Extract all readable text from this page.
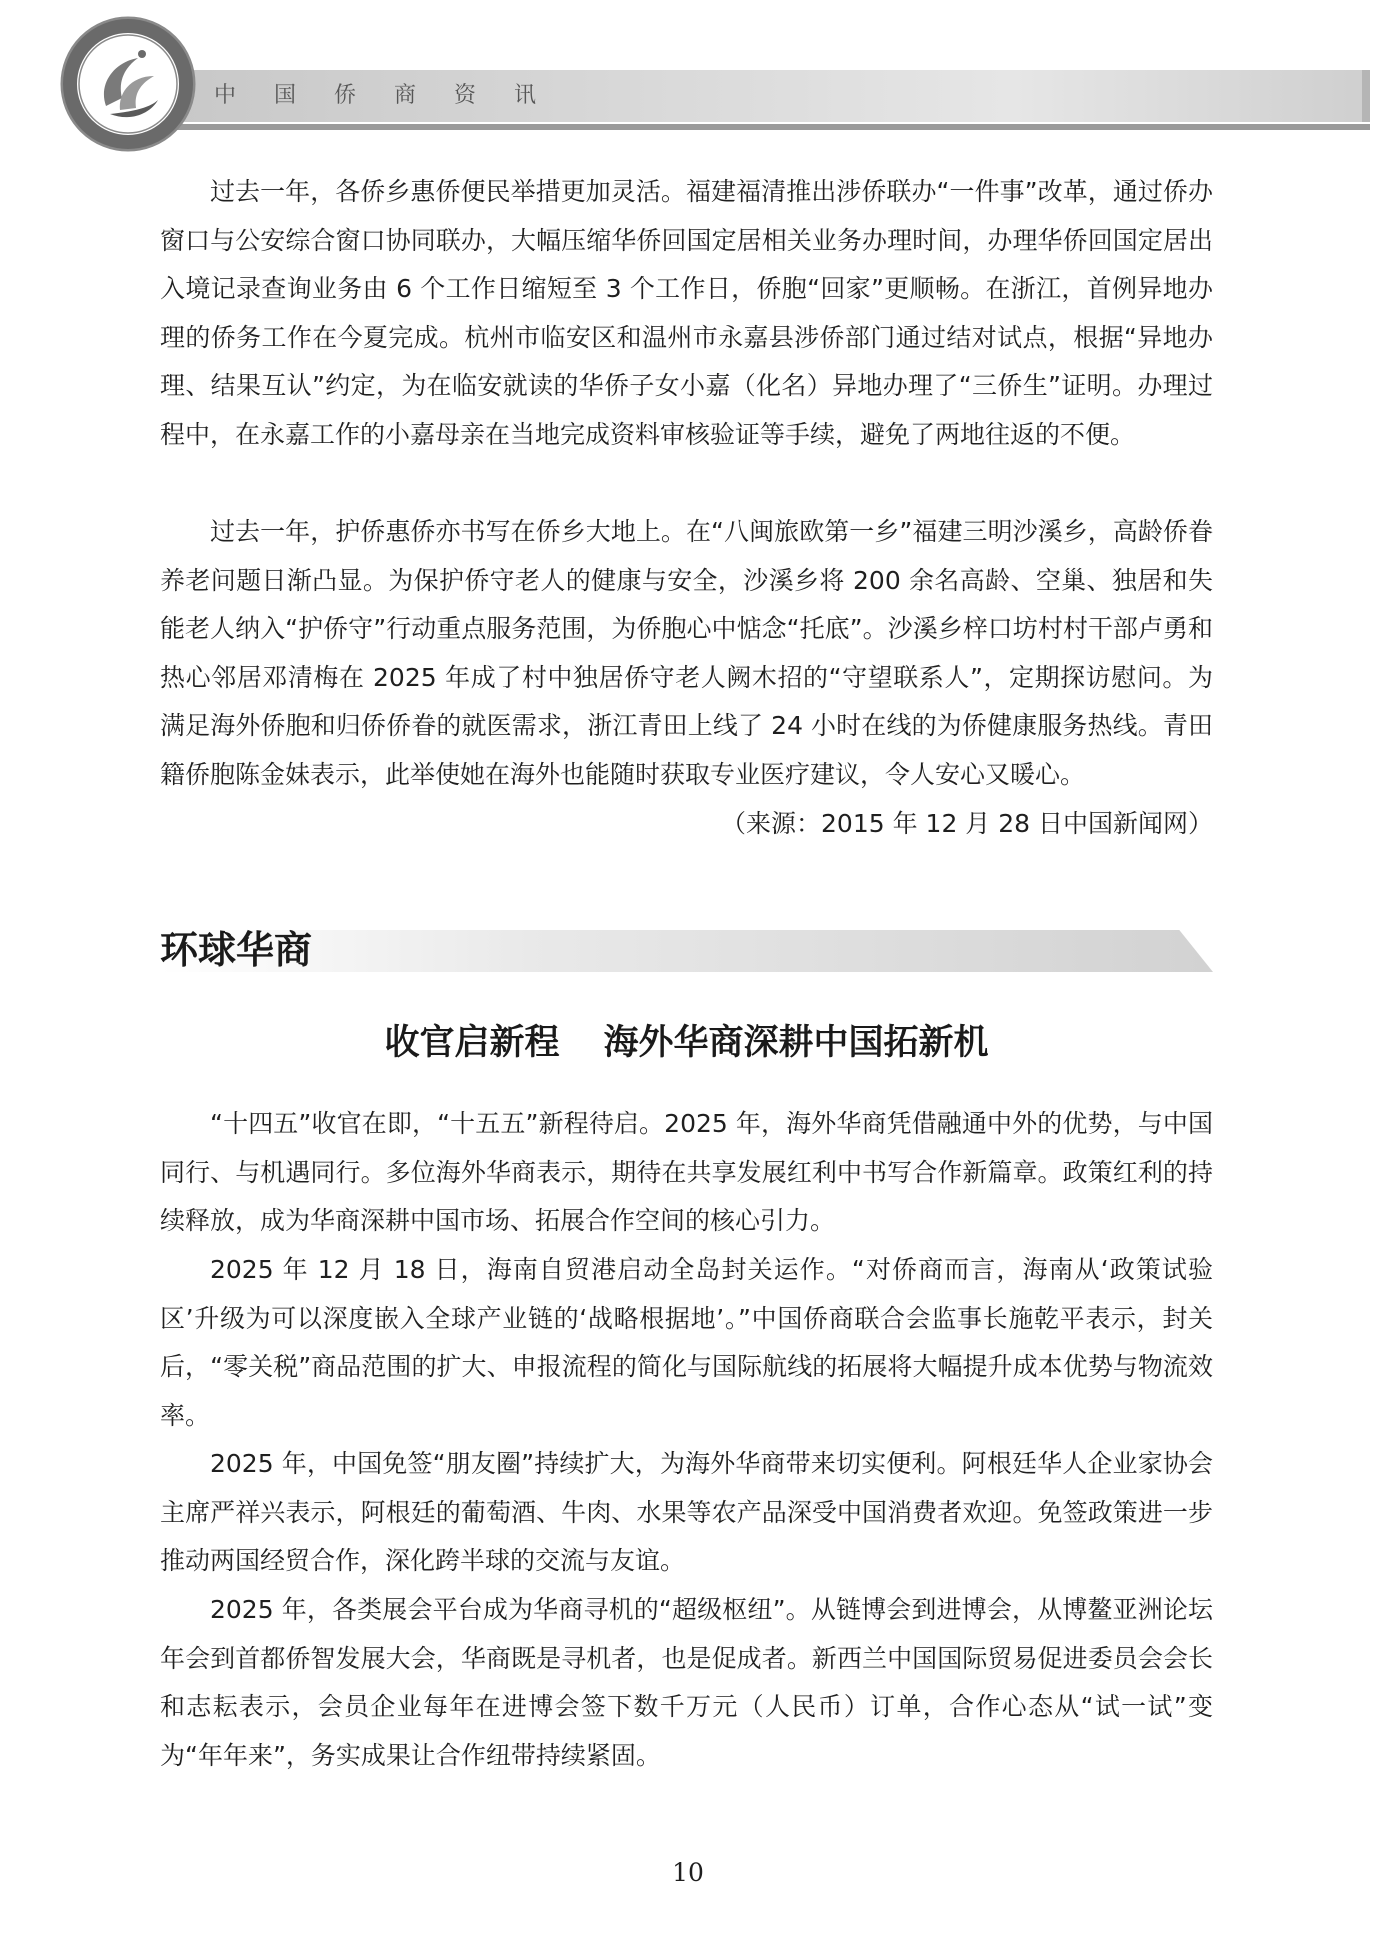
中国侨商资讯

过去一年，各侨乡惠侨便民举措更加灵活。福建福清推出涉侨联办“一件事”改革，通过侨办窗口与公安综合窗口协同联办，大幅压缩华侨回国定居相关业务办理时间，办理华侨回国定居出入境记录查询业务由 6 个工作日缩短至 3 个工作日，侨胞“回家”更顺畅。在浙江，首例异地办理的侨务工作在今夏完成。杭州市临安区和温州市永嘉县涉侨部门通过结对试点，根据“异地办理、结果互认”约定，为在临安就读的华侨子女小嘉（化名）异地办理了“三侨生”证明。办理过程中，在永嘉工作的小嘉母亲在当地完成资料审核验证等手续，避免了两地往返的不便。

过去一年，护侨惠侨亦书写在侨乡大地上。在“八闽旅欧第一乡”福建三明沙溪乡，高龄侨眷养老问题日渐凸显。为保护侨守老人的健康与安全，沙溪乡将 200 余名高龄、空巢、独居和失能老人纳入“护侨守”行动重点服务范围，为侨胞心中惦念“托底”。沙溪乡梓口坊村村干部卢勇和热心邻居邓清梅在 2025 年成了村中独居侨守老人阙木招的“守望联系人”，定期探访慰问。为满足海外侨胞和归侨侨眷的就医需求，浙江青田上线了 24 小时在线的为侨健康服务热线。青田籍侨胞陈金妹表示，此举使她在海外也能随时获取专业医疗建议，令人安心又暖心。

（来源：2015 年 12 月 28 日中国新闻网）

环球华商
收官启新程 海外华商深耕中国拓新机

“十四五”收官在即，“十五五”新程待启。2025 年，海外华商凭借融通中外的优势，与中国同行、与机遇同行。多位海外华商表示，期待在共享发展红利中书写合作新篇章。政策红利的持续释放，成为华商深耕中国市场、拓展合作空间的核心引力。

2025 年 12 月 18 日，海南自贸港启动全岛封关运作。“对侨商而言，海南从‘政策试验区’升级为可以深度嵌入全球产业链的‘战略根据地’。”中国侨商联合会监事长施乾平表示，封关后，“零关税”商品范围的扩大、申报流程的简化与国际航线的拓展将大幅提升成本优势与物流效率。

2025 年，中国免签“朋友圈”持续扩大，为海外华商带来切实便利。阿根廷华人企业家协会主席严祥兴表示，阿根廷的葡萄酒、牛肉、水果等农产品深受中国消费者欢迎。免签政策进一步推动两国经贸合作，深化跨半球的交流与友谊。

2025 年，各类展会平台成为华商寻机的“超级枢纽”。从链博会到进博会，从博鳌亚洲论坛年会到首都侨智发展大会，华商既是寻机者，也是促成者。新西兰中国国际贸易促进委员会会长和志耘表示，会员企业每年在进博会签下数千万元（人民币）订单，合作心态从“试一试”变为“年年来”，务实成果让合作纽带持续紧固。

10
